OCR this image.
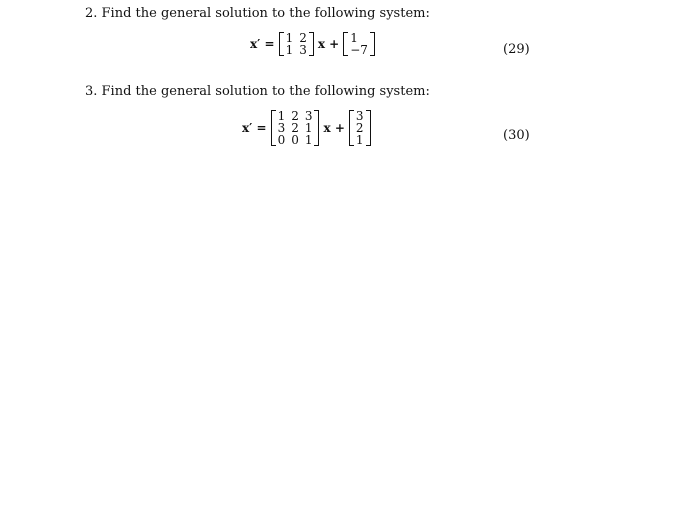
2. Find the general solution to the following system:
x′ = 1 2
1 3 x + 1
−7	(29)
3. Find the general solution to the following system:
x′ =
1 2 3
3 2 1
0 0 1
x +
3
2
1	(30)
